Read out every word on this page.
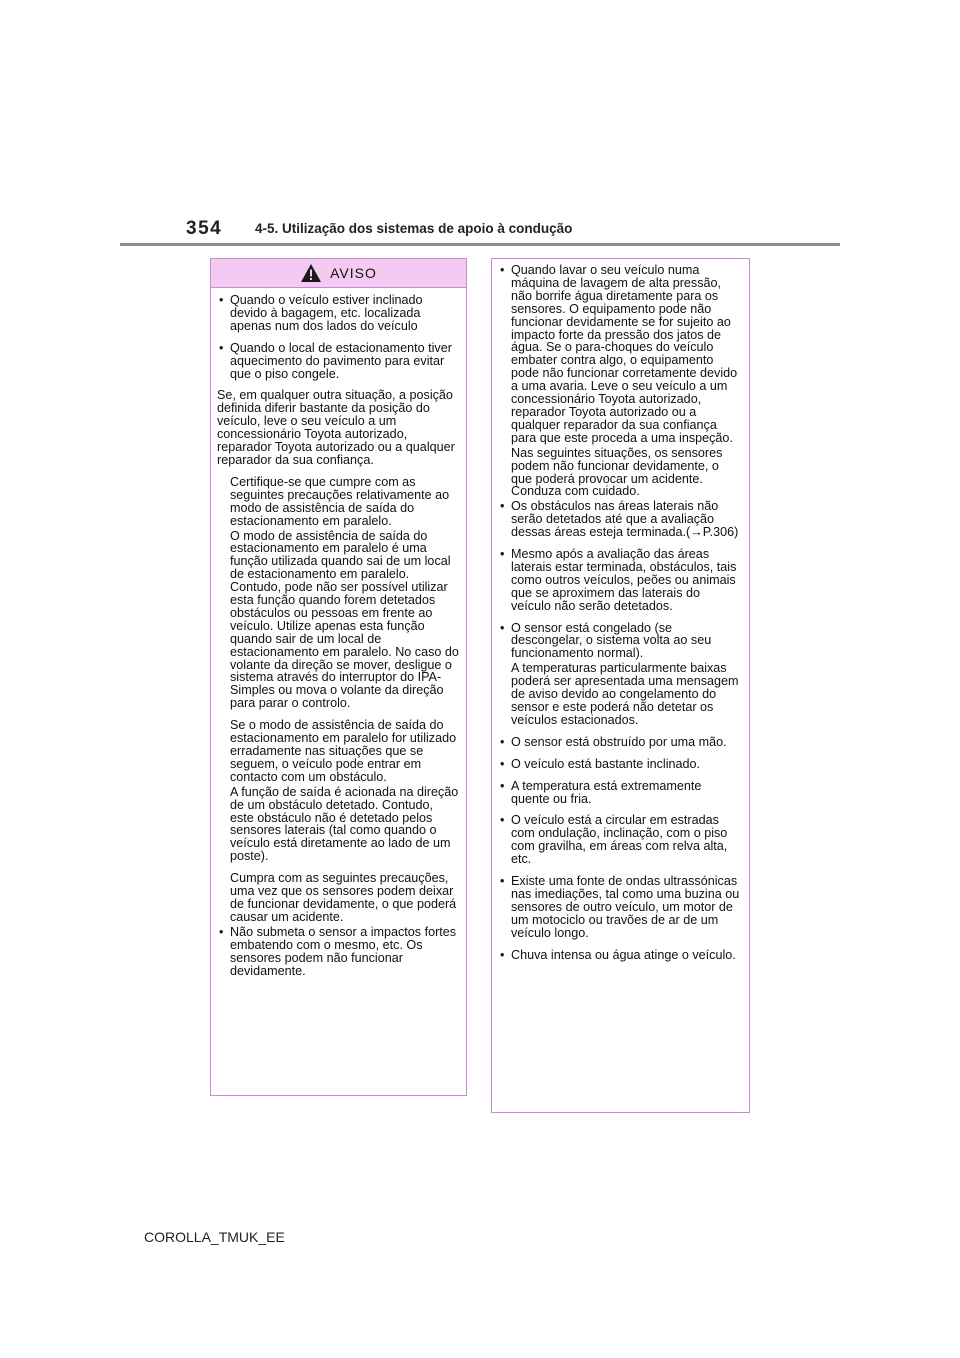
354 4-5. Utilização dos sistemas de apoio à condução
AVISO

• Quando o veículo estiver inclinado devido à bagagem, etc. localizada apenas num dos lados do veículo

• Quando o local de estacionamento tiver aquecimento do pavimento para evitar que o piso congele.

Se, em qualquer outra situação, a posição definida diferir bastante da posição do veículo, leve o seu veículo a um concessionário Toyota autorizado, reparador Toyota autorizado ou a qualquer reparador da sua confiança.

Certifique-se que cumpre com as seguintes precauções relativamente ao modo de assistência de saída do estacionamento em paralelo.

O modo de assistência de saída do estacionamento em paralelo é uma função utilizada quando sai de um local de estacionamento em paralelo. Contudo, pode não ser possível utilizar esta função quando forem detetados obstáculos ou pessoas em frente ao veículo. Utilize apenas esta função quando sair de um local de estacionamento em paralelo. No caso do volante da direção se mover, desligue o sistema através do interruptor do IPA-Simples ou mova o volante da direção para parar o controlo.

Se o modo de assistência de saída do estacionamento em paralelo for utilizado erradamente nas situações que se seguem, o veículo pode entrar em contacto com um obstáculo.

A função de saída é acionada na direção de um obstáculo detetado. Contudo, este obstáculo não é detetado pelos sensores laterais (tal como quando o veículo está diretamente ao lado de um poste).

Cumpra com as seguintes precauções, uma vez que os sensores podem deixar de funcionar devidamente, o que poderá causar um acidente.

• Não submeta o sensor a impactos fortes embatendo com o mesmo, etc. Os sensores podem não funcionar devidamente.

• Quando lavar o seu veículo numa máquina de lavagem de alta pressão, não borrife água diretamente para os sensores. O equipamento pode não funcionar devidamente se for sujeito ao impacto forte da pressão dos jatos de água. Se o para-choques do veículo embater contra algo, o equipamento pode não funcionar corretamente devido a uma avaria. Leve o seu veículo a um concessionário Toyota autorizado, reparador Toyota autorizado ou a qualquer reparador da sua confiança para que este proceda a uma inspeção.

Nas seguintes situações, os sensores podem não funcionar devidamente, o que poderá provocar um acidente. Conduza com cuidado.

• Os obstáculos nas áreas laterais não serão detetados até que a avaliação dessas áreas esteja terminada.(→P.306)

• Mesmo após a avaliação das áreas laterais estar terminada, obstáculos, tais como outros veículos, peões ou animais que se aproximem das laterais do veículo não serão detetados.

• O sensor está congelado (se descongelar, o sistema volta ao seu funcionamento normal).

A temperaturas particularmente baixas poderá ser apresentada uma mensagem de aviso devido ao congelamento do sensor e este poderá não detetar os veículos estacionados.

• O sensor está obstruído por uma mão.

• O veículo está bastante inclinado.

• A temperatura está extremamente quente ou fria.

• O veículo está a circular em estradas com ondulação, inclinação, com o piso com gravilha, em áreas com relva alta, etc.

• Existe uma fonte de ondas ultrassónicas nas imediações, tal como uma buzina ou sensores de outro veículo, um motor de um motociclo ou travões de ar de um veículo longo.

• Chuva intensa ou água atinge o veículo.

COROLLA_TMUK_EE
